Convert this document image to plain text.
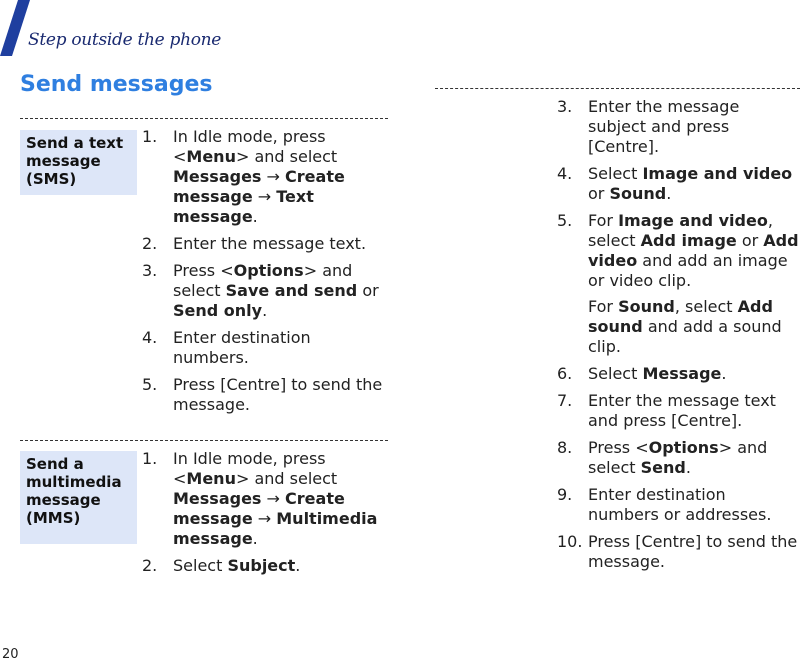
Step outside the phone
Send messages
Send a text message (SMS)
1. In Idle mode, press <Menu> and select Messages → Create message → Text message.
2. Enter the message text.
3. Press <Options> and select Save and send or Send only.
4. Enter destination numbers.
5. Press [Centre] to send the message.
Send a multimedia message (MMS)
1. In Idle mode, press <Menu> and select Messages → Create message → Multimedia message.
2. Select Subject.
3. Enter the message subject and press [Centre].
4. Select Image and video or Sound.
5. For Image and video, select Add image or Add video and add an image or video clip.
For Sound, select Add sound and add a sound clip.
6. Select Message.
7. Enter the message text and press [Centre].
8. Press <Options> and select Send.
9. Enter destination numbers or addresses.
10. Press [Centre] to send the message.
20
